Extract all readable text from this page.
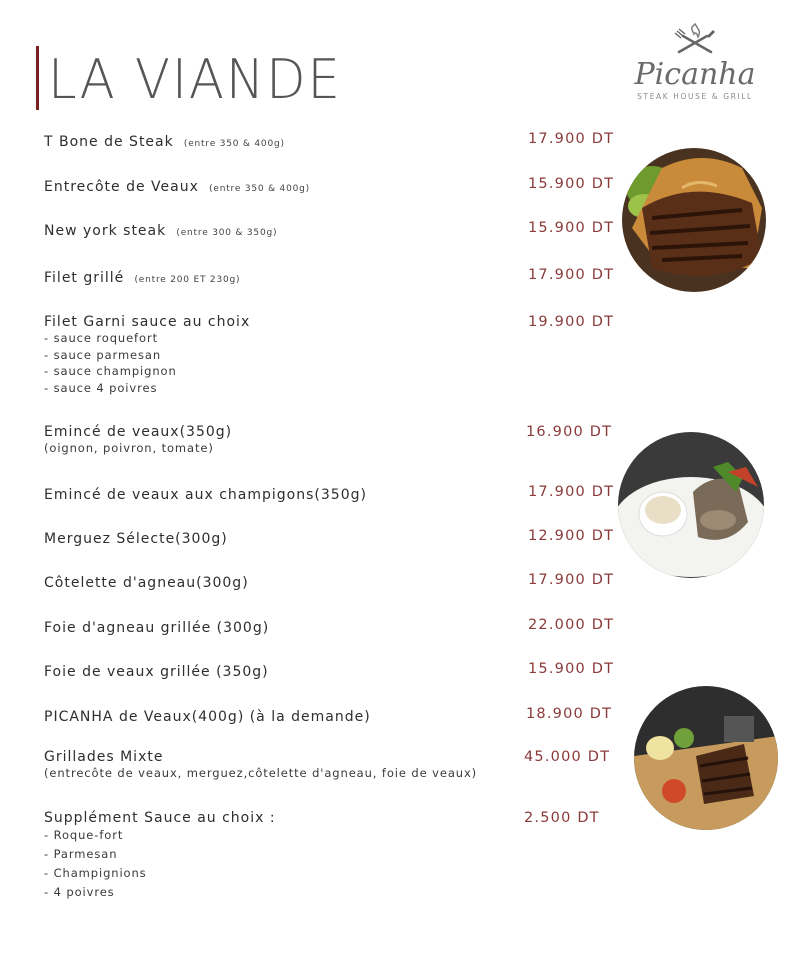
LA VIANDE	Picanha
STEAK HOUSE & GRILL
T Bone de Steak (entre 350 & 400g)	17.900 DT
Entrecôte de Veaux (entre 350 & 400g)	15.900 DT
New york steak (entre 300 & 350g)	15.900 DT
Filet grillé (entre 200 ET 230g)	17.900 DT
Filet Garni sauce au choix	19.900 DT
- sauce roquefort
- sauce parmesan
- sauce champignon
- sauce 4 poivres
Emincé de veaux(350g)	16.900 DT
(oignon, poivron, tomate)
Emincé de veaux aux champigons(350g)	17.900 DT
Merguez Sélecte(300g)	12.900 DT
Côtelette d'agneau(300g)	17.900 DT
Foie d'agneau grillée (300g)	22.000 DT
Foie de veaux grillée (350g)	15.900 DT
PICANHA de Veaux(400g) (à la demande)	18.900 DT
Grillades Mixte	45.000 DT
(entrecôte de veaux, merguez,côtelette d'agneau, foie de veaux)
Supplément Sauce au choix :	2.500 DT
- Roque-fort
- Parmesan
- Champignions
- 4 poivres
